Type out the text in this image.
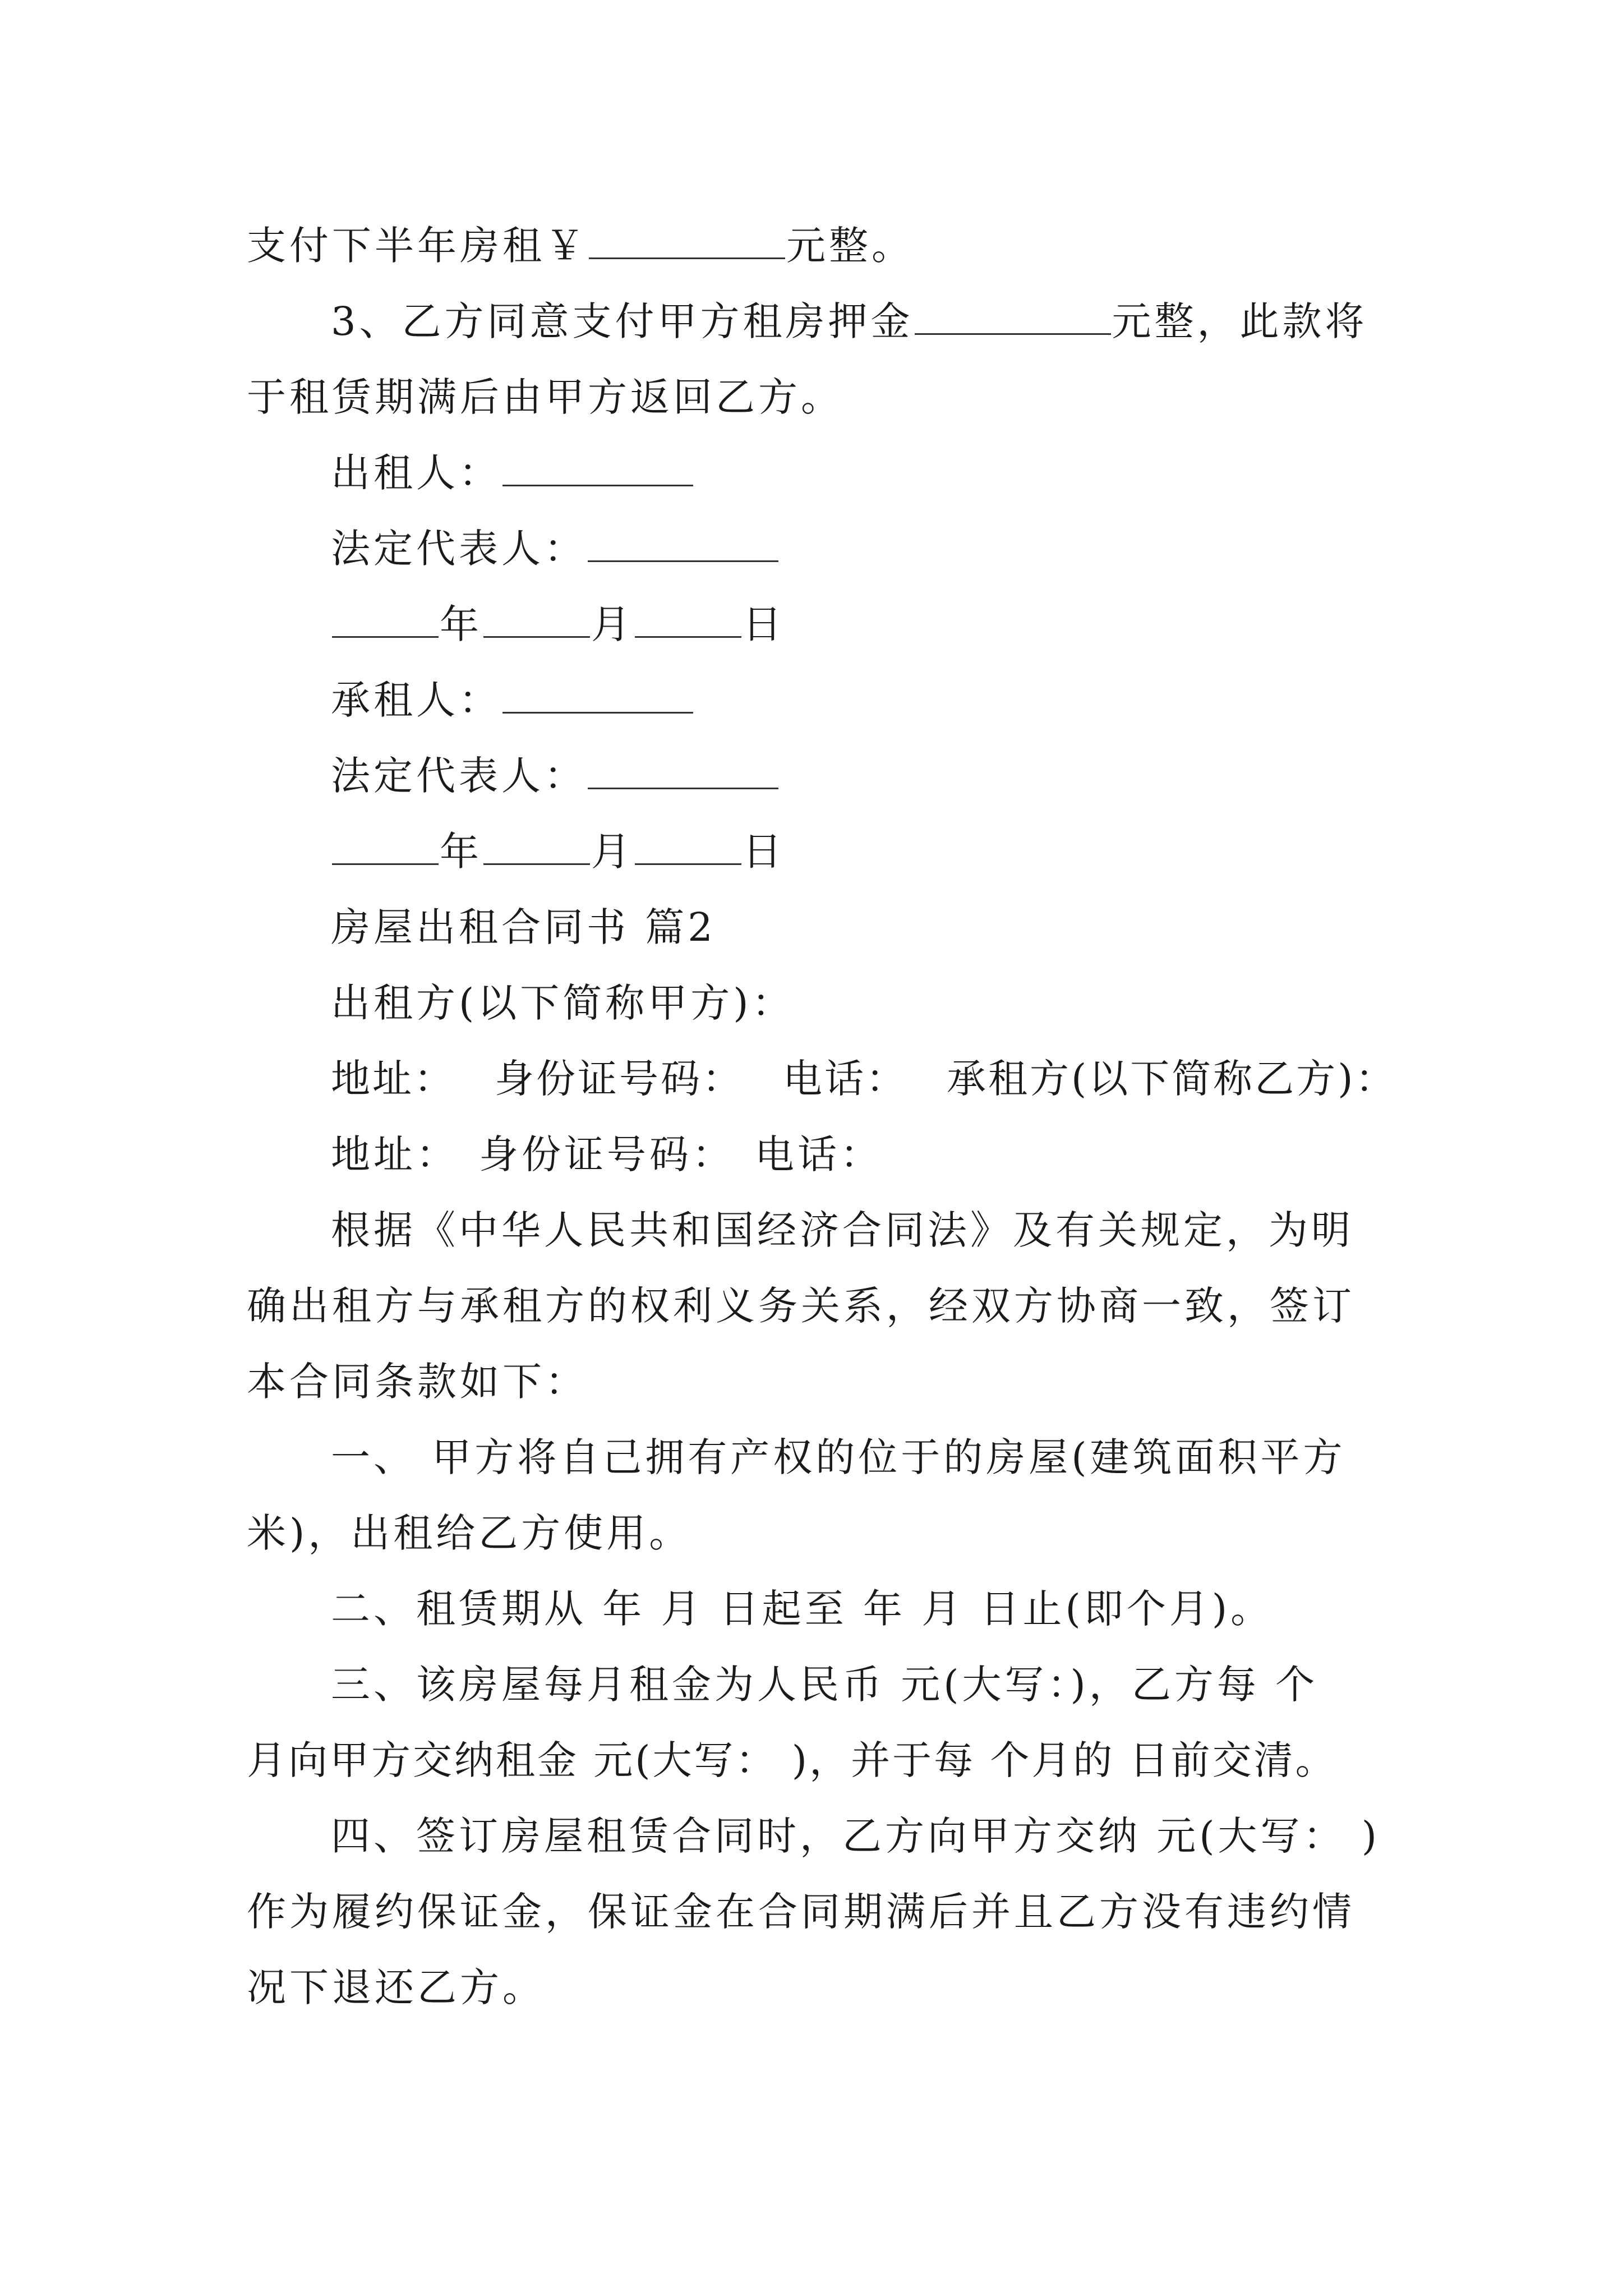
支付下半年房租￥	元整。
3、乙方同意支付甲方租房押金	元整，此款将
于租赁期满后由甲方返回乙方。
出租人：
法定代表人：
年	月	日
承租人：
法定代表人：
年	月	日
房屋出租合同书 篇2
出租方(以下简称甲方)：
地址： 身份证号码： 电话： 承租方(以下简称乙方)：
地址： 身份证号码： 电话：
根据《中华人民共和国经济合同法》及有关规定，为明
确出租方与承租方的权利义务关系，经双方协商一致，签订
本合同条款如下：
一、 甲方将自己拥有产权的位于的房屋(建筑面积平方
米)，出租给乙方使用。
二、租赁期从 年 月 日起至 年 月 日止(即个月)。
三、该房屋每月租金为人民币 元(大写：)，乙方每 个
月向甲方交纳租金 元(大写： )，并于每 个月的 日前交清。
四、签订房屋租赁合同时，乙方向甲方交纳 元(大写： )
作为履约保证金，保证金在合同期满后并且乙方没有违约情
况下退还乙方。
